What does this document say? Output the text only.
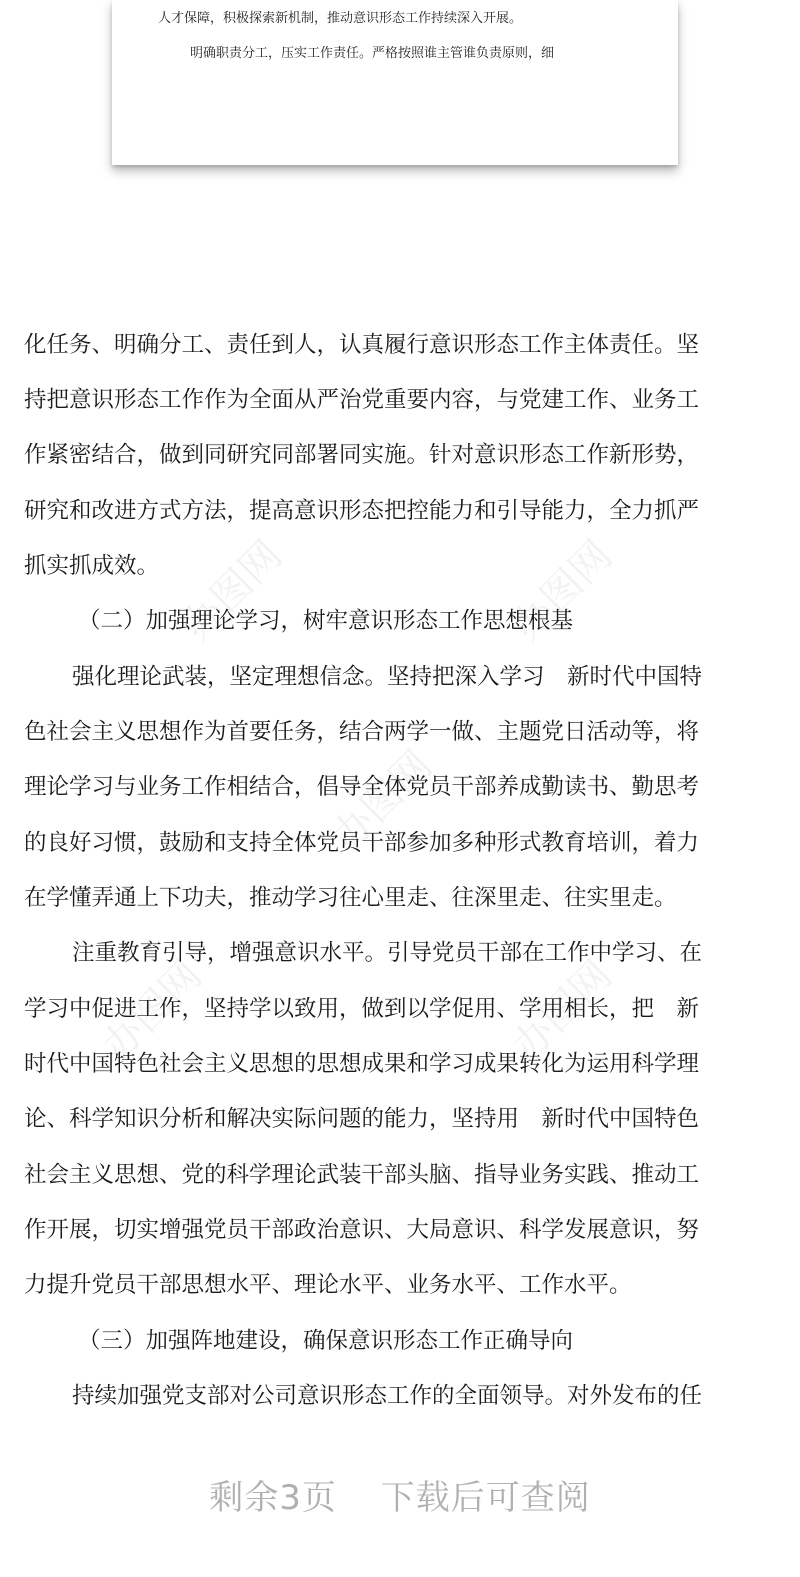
人才保障，积极探索新机制，推动意识形态工作持续深入开展。

明确职责分工，压实工作责任。严格按照谁主管谁负责原则，细

办图网	办图网
办图网
办图网	办图网
化任务、明确分工、责任到人，认真履行意识形态工作主体责任。坚
持把意识形态工作作为全面从严治党重要内容，与党建工作、业务工
作紧密结合，做到同研究同部署同实施。针对意识形态工作新形势，
研究和改进方式方法，提高意识形态把控能力和引导能力，全力抓严
抓实抓成效。
（二）加强理论学习，树牢意识形态工作思想根基
强化理论武装，坚定理想信念。坚持把深入学习　新时代中国特
色社会主义思想作为首要任务，结合两学一做、主题党日活动等，将
理论学习与业务工作相结合，倡导全体党员干部养成勤读书、勤思考
的良好习惯，鼓励和支持全体党员干部参加多种形式教育培训，着力
在学懂弄通上下功夫，推动学习往心里走、往深里走、往实里走。
注重教育引导，增强意识水平。引导党员干部在工作中学习、在
学习中促进工作，坚持学以致用，做到以学促用、学用相长，把　新
时代中国特色社会主义思想的思想成果和学习成果转化为运用科学理
论、科学知识分析和解决实际问题的能力，坚持用　新时代中国特色
社会主义思想、党的科学理论武装干部头脑、指导业务实践、推动工
作开展，切实增强党员干部政治意识、大局意识、科学发展意识，努
力提升党员干部思想水平、理论水平、业务水平、工作水平。
（三）加强阵地建设，确保意识形态工作正确导向
持续加强党支部对公司意识形态工作的全面领导。对外发布的任
剩余3页 下载后可查阅
